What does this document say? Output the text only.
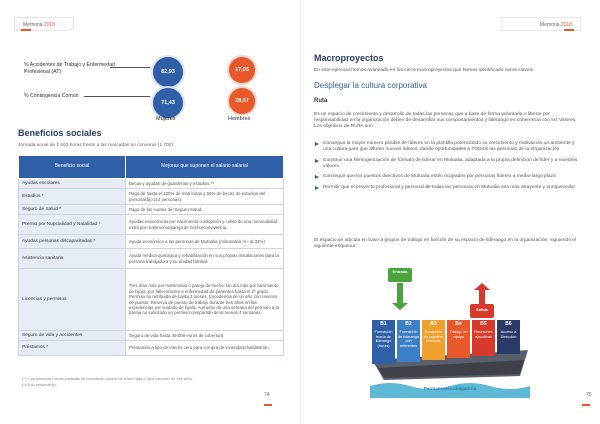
Memoria 2018
% Accidentes de Trabajo y Enfermedad Profesional (AT)
% Contingencia Común
82,93
71,43
17,05
28,57
Mujeres	Hombres
Beneficios sociales
Jornada anual de 1.662 horas frente a las marcadas en convenio (1.700)
Beneficio social	Mejoras que suponen el salario salarial
Ayudas escolares	Becas y ayudas de guarderías y estudios.**
Estudios *	Pago de hasta el 100% de matrículas y 50% de becas de estudios del personal fijo (14 personas)
Seguro de Salud *	Pago de las cuotas del Seguro Salud.
Premio por Nupcialidad y Natalidad *	Ayudas económicas por nacimiento o adopción y cobro de una mensualidad extra por matrimonio/pareja de hecho/convivencia.
Ayudas personas discapacitadas *	Ayuda económica a las personas de Mutualia (minusvalía >/= al 33%)
Asistencia sanitaria	Ayuda médica quirúrgica y rehabilitación en sus propias instalaciones para la persona trabajadora y su unidad familiar.
Licencias y permisos	Tres días más por matrimonio o pareja de hecho. Un día más por nacimiento de hijo/a, por fallecimiento o enfermedad de parientes hasta el 2º grado. Permiso no retribuido de hasta 3 meses. Excedencia de un año con reserva de puesto. Reserva de puesto de trabajo durante tres años en las excedencias por cuidado de hijo/a. Aumento de una semana del permiso a la pareja no solicitado un permiso compartido de al menos 4 semanas.
Seguro de vida y accidentes	Seguro de vida hasta 49.000 euros de cobertura
Préstamos *	Préstamos a tipo de interés cero para compra de vivienda/rehabilitación.
(**) Las personas menos jubiladas se consideran para el beneficio hijas e hijos menores de tres años.
(*) Solo personal fijo.
74
Memoria 2018
Macroproyectos
En este ejercicio hemos avanzado en los cinco macroproyectos que hemos identificado como claves:
Desplegar la cultura corporativa
Ruta
Es un espacio de crecimiento y desarrollo de todas las personas que a base de forma voluntaria o liberar por responsabilidad en la organización deben de desarrollar sus comportamientos y liderango en coherencia con los Valores. Los objetivos de RUTA son:
Conseguir la mayor número posible de líderes en la plantilla potenciando su crecimiento y motivación un ambiente y una cultura para que afloren nuevos líderes, dando oportunidades a TODAS las personas de la Organización.
Construir una homogenización de formato de liderar en Mutualia, adaptada a la propia definición de líder y a nuestros valores.
Conseguir que los puestos directivos de Mutualia estén ocupados por personas líderes a medio-largo plazo.
Permitir que el proyecto profesional y personal de todas las personas en Mutualia sea más atrayente y enriquecedor.
El espacio se articula en base a grupos de trabajo en función de su espacio de liderango en la organización, siguiendo el siguiente esquema:
Entrada
Salida
B1
Formación teoría de liderango (horas)
B2
Formación de liderango con referentes
B3
Recepción de soportes técnicos
B4
Trabajo en equipo
B5
Reuniones ejecutivas
B6
Acceso a Dirección
Permanencia obligatoria
75
